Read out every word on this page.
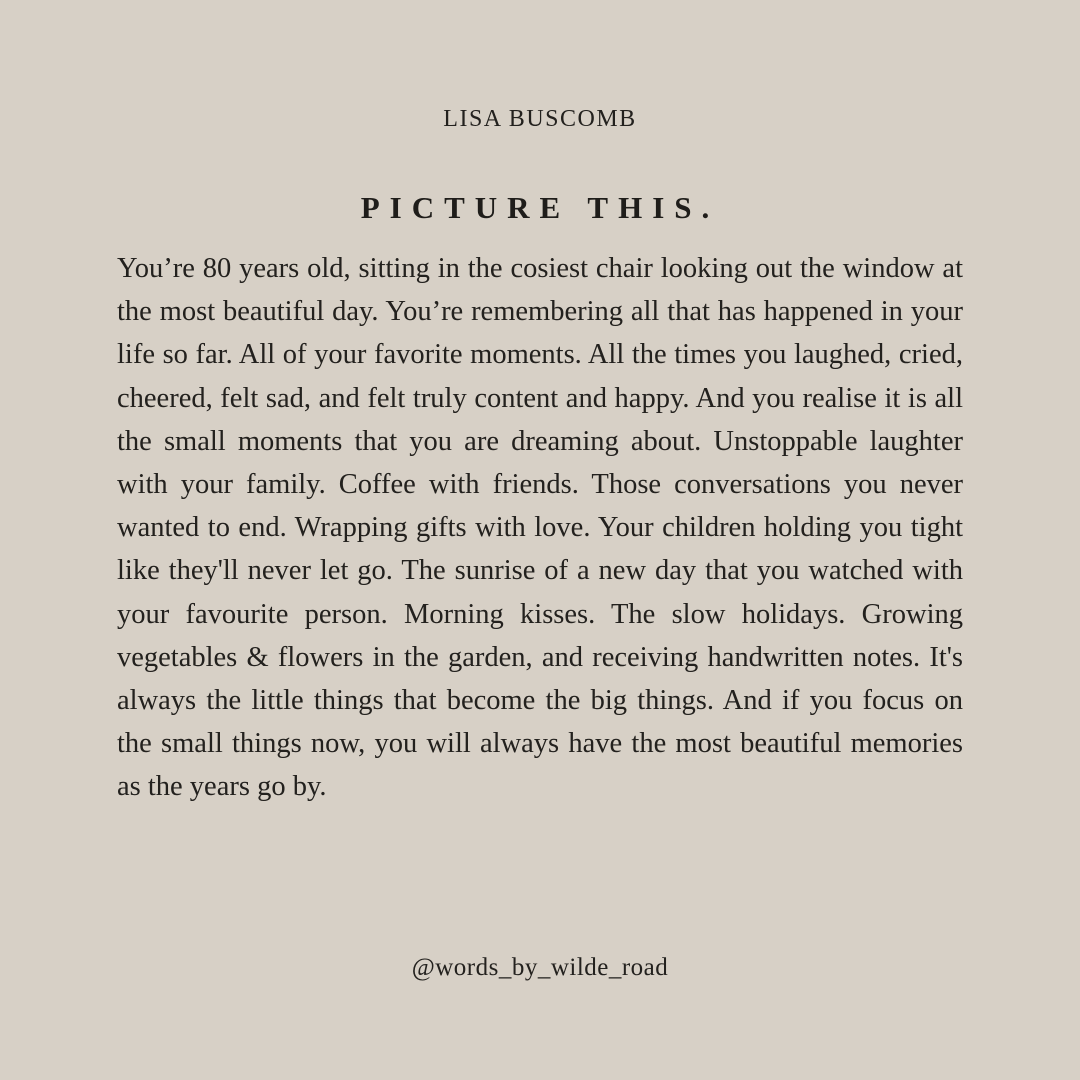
LISA BUSCOMB
PICTURE THIS.
You’re 80 years old, sitting in the cosiest chair looking out the window at the most beautiful day. You’re remembering all that has happened in your life so far. All of your favorite moments. All the times you laughed, cried, cheered, felt sad, and felt truly content and happy. And you realise it is all the small moments that you are dreaming about. Unstoppable laughter with your family. Coffee with friends. Those conversations you never wanted to end. Wrapping gifts with love. Your children holding you tight like they'll never let go. The sunrise of a new day that you watched with your favourite person. Morning kisses. The slow holidays. Growing vegetables & flowers in the garden, and receiving handwritten notes. It's always the little things that become the big things. And if you focus on the small things now, you will always have the most beautiful memories as the years go by.
@words_by_wilde_road
